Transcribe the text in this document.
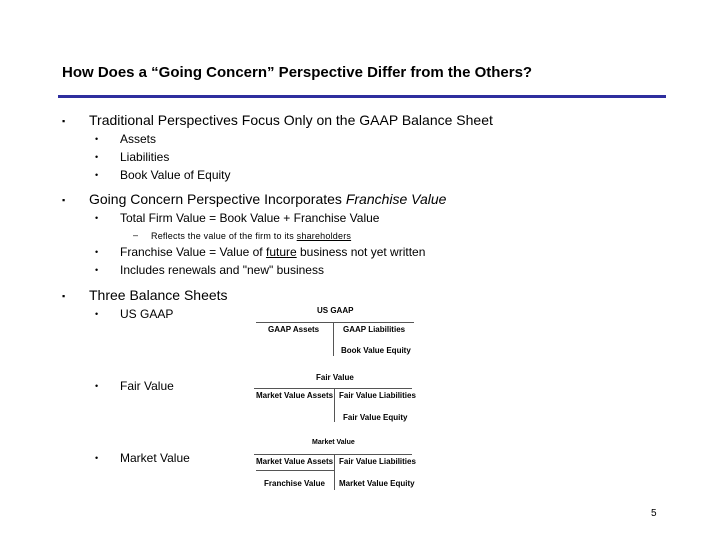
How Does a “Going Concern” Perspective Differ from the Others?
▪ Traditional Perspectives Focus Only on the GAAP Balance Sheet
• Assets
• Liabilities
• Book Value of Equity
▪ Going Concern Perspective Incorporates Franchise Value
• Total Firm Value = Book Value + Franchise Value
– Reflects the value of the firm to its shareholders
• Franchise Value = Value of future business not yet written
• Includes renewals and "new" business
▪ Three Balance Sheets
• US GAAP
• Fair Value
• Market Value
US GAAP
GAAP Assets	GAAP Liabilities
Book Value Equity
Fair Value
Market Value Assets Fair Value Liabilities
Fair Value Equity
Market Value
Market Value Assets
Franchise Value
Fair Value Liabilities
Market Value Equity
5
